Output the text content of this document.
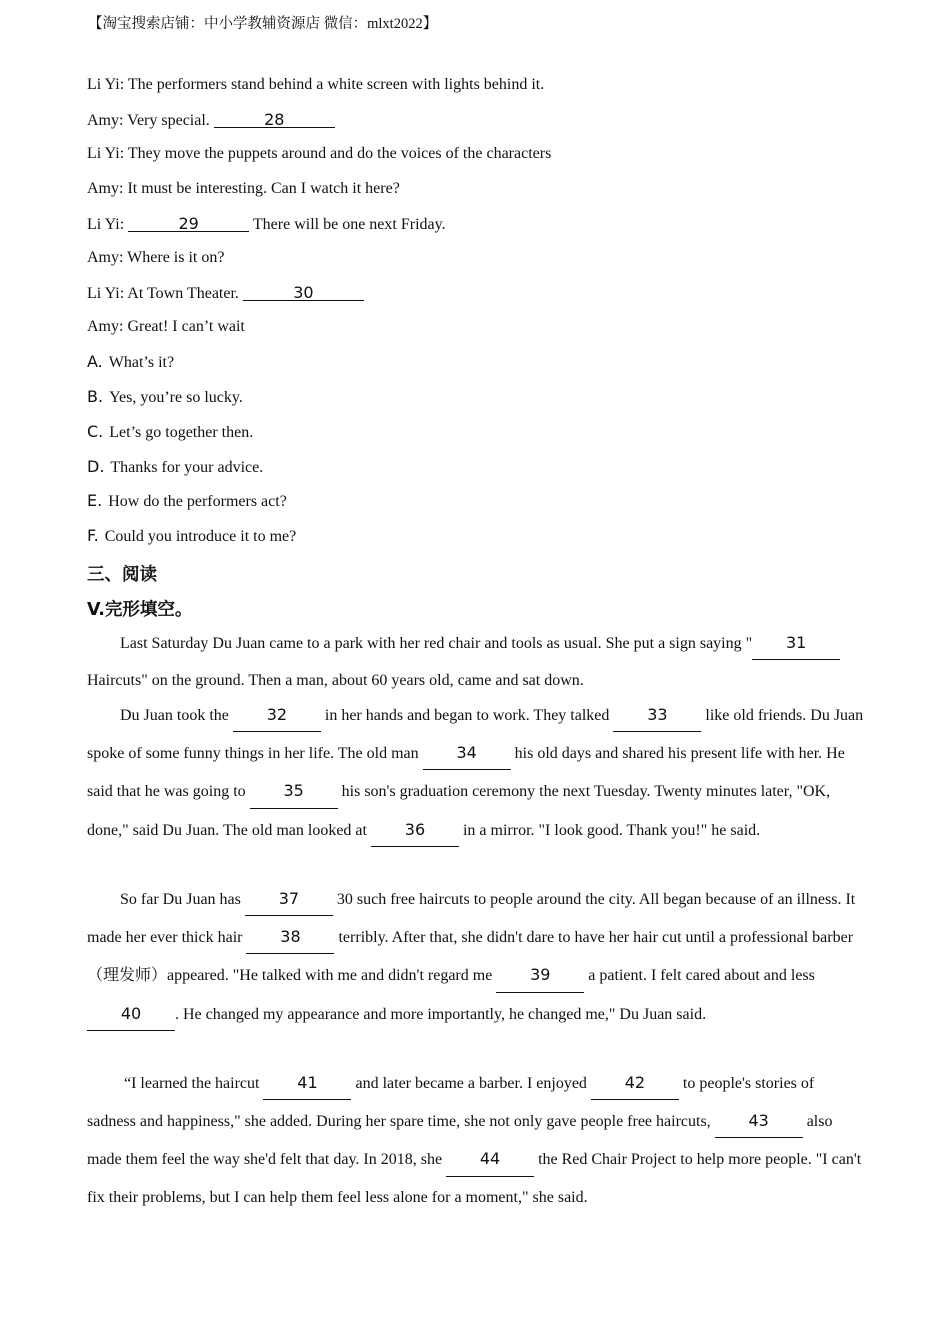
【淘宝搜索店铺：中小学教辅资源店 微信：mlxt2022】
Li Yi: The performers stand behind a white screen with lights behind it.
Amy: Very special.	28
Li Yi: They move the puppets around and do the voices of the characters
Amy: It must be interesting. Can I watch it here?
Li Yi:	29	There will be one next Friday.
Amy: Where is it on?
Li Yi: At Town Theater.	30
Amy: Great! I can’t wait
A. What’s it?
B. Yes, you’re so lucky.
C. Let’s go together then.
D. Thanks for your advice.
E. How do the performers act?
F. Could you introduce it to me?
三、阅读
V.完形填空。

Last Saturday Du Juan came to a park with her red chair and tools as usual. She put a sign saying " 31 Haircuts" on the ground. Then a man, about 60 years old, came and sat down.

Du Juan took the 32 in her hands and began to work. They talked 33 like old friends. Du Juan spoke of some funny things in her life. The old man 34 his old days and shared his present life with her. He said that he was going to 35 his son's graduation ceremony the next Tuesday. Twenty minutes later, "OK, done," said Du Juan. The old man looked at 36 in a mirror. "I look good. Thank you!" he said.

So far Du Juan has 37 30 such free haircuts to people around the city. All began because of an illness. It made her ever thick hair 38 terribly. After that, she didn't dare to have her hair cut until a professional barber（理发师）appeared. "He talked with me and didn't regard me 39 a patient. I felt cared about and less 40 . He changed my appearance and more importantly, he changed me," Du Juan said.

“I learned the haircut 41 and later became a barber. I enjoyed 42 to people's stories of sadness and happiness," she added. During her spare time, she not only gave people free haircuts, 43 also made them feel the way she'd felt that day. In 2018, she 44 the Red Chair Project to help more people. "I can't fix their problems, but I can help them feel less alone for a moment," she said.
